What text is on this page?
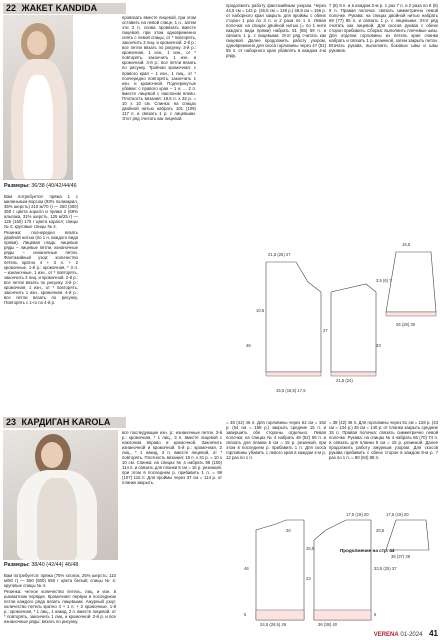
22 ЖАКЕТ KANDIDA
Размеры: 36/38 (40/42/44/46

Вам потребуется: пряжа 1 с миланьным ворсом (93% полиакрил, 35% шерсть) 210 м/70 г) — 250 (300) 350 г цвета коралл и пряжа 2 (69% альпака, 31% шерсть, 125 м/25 г) — 125 (150) 175 г цвета коралл; спицы № 4; круговые спицы № 4.

Резинка: поочередно вязать двойной нитью (по 1 н. каждого вида пряжи). Лицевая гладь: лицевые ряды – лицевые петли, изнаночные ряды – изнаночные петли. Фантазийный узор: количество петель кратно 4 + 3 п. + 2 кромочные. 1-й р.: кромочная, * 3 п. – изнаночные, 1 изн., от * повторять, закончить 3 лиц. и кромочной. 2-й р.: все петли вязать по рисунку. 3-й р.: кромочная, 1 изн., от * повторять, закончить 1 изн., кромочная. 4-й р.: все петли вязать по рисунку. Повторять с 1-го по 4-й р.

провязать вместе лицевой, при этом оставить на левой спице, 1 н., затем эти 3 п. снова провязать вместе лицевой, при этом одновременно снять с левой спицы, от * повторять, закончить 3 лиц. и кромочной. 2-й р.: все петли вязать по рисунку. 3-й р.: кромочная, 1 изн., 1 изн., от * повторять, закончить 1 изн. и кромочной. 4-й р.: все петли вязать по рисунку. Тройная кромочная: с правого края – 1 изн., 1 лиц., от * поочередно повторять, закончить 1 изн. и кромочной. Подчеркнутые убавки: с правого края – 1 н. ... 2 п. вместе лицевой с наклоном влево. Плотность вязания: 19,5 п. x 32 р. = 10 x 10 см. Спинка: на спицах двойной нитью набрать 101 (109) 117 п. и связать 1 р. с лицевыми. Этот ряд считать как лицевой.

продолжить работу фантазийным узором. Через 44,5 см = 142 р. (46,5 см = 148 р.) 48,5 см = 156 р. от наборного края закрыть для проймы с обеих сторон 1 раз по 3 п. и 2 раза по 1 п. Левая полочка: на спицах двойной нитью (= по 1 нити каждого вида пряжи) набрать 51 (55) 59 п. и связать 1 р. с лицевыми. Этот ряд считать как лицевой. Далее продолжить работу узором, одновременно для скоса горловины через 47 (51) 55 п. от наборного края убавлять в каждом 4-м ряду.

7 (8) 8 п. и в каждом 2-м р. 1 раз 7 п. и 2 раза по 8 (8) 8 п. Правая полочка: связать симметрично левой полочке. Рукава: на спицах двойной нитью набрать 69 (77) 85 п. и связать 1 р. с лицевыми. Этот ряд считать как лицевой. Для скосов рукава с обеих сторон прибавить. Сборка: выполнить плечевые швы. Для отделки горловины из петель края спинки набрать и связать 1 р. резинкой, затем закрыть петли. Втачать рукава, выполнить боковые швы и швы рукавов.

21,5 (25) 27
21,5 (24)
10,5
27
16,5
46	33
3,5 (6) 7
15,5 (16,5) 17,5
26 (28) 30
23 КАРДИГАН KAROLA
Размеры: 38/40 (42/44) 46/48

Вам потребуется: пряжа (75% хлопок, 25% шерсть; 110 м/50 г) — 550 (600) 650 г цвета белый; спицы № 4; круговые спицы № 4.

Резинка: четное количество петель, лиц. и изн. в шахматном порядке. Кромочная: первую и последнюю петли каждого ряда вязать лицевыми. Ажурный узор: количество петель кратно 4 + 1 п. + 2 кромочные. 1-й р.: кромочная, * 1 лиц., 1 накид, 2 п. вместе лицевой, от * повторять, закончить 1 лиц. и кромочной. 2-й р. и все изнаночные ряды: вязать по рисунку.

все последующие изн. р.: изнаночные петли. 3-й р.: кромочная, * 1 лиц., 3 п. вместе лицевой с наклоном вправо и кромочной. Закончить изнаночной и кромочной. 5-й р.: кромочная, 2 лиц., * 1 накид, 3 п. вместе лицевой, от * повторять. Плотность вязания: 19 п. x 31 р. = 10 x 10 см. Спинка: на спицах № 4 набрать 98 (106) 114 п. и связать для планки 5 см = 15 р. резинкой, при этом в последнем р. прибавить 1 п. = 99 (107) 115 п. Для проймы через 37 см = 114 р. от планки закрыть.

= 38 (42) 46 п. Для горловины через 62 см = 192 р. (64 см = 198 р.) закрыть средние 15 п. и завершить обе стороны отдельно. Левая полочка: на спицах № 4 набрать 48 (52) 56 п. и связать для планки 5 см = 15 р. резинкой, при этом в последнем р. прибавить 1 п. Для скоса горловины убавить с левого края в каждом 4-м р. 12 раз по 1 п.

= 38 (42) 46 п. Для горловины через 61 см = 128 р. (43 см = 134 р.) 45 см = 140 р. от планки закрыть средние 15 п. Правая полочка: связать симметрично левой полочке. Рукава: на спицах № 4 набрать 66 (70) 74 п. и связать для планки 5 см = 15 р. резинкой. Далее продолжить работу ажурным узором. Для скосов рукава прибавить с обеих сторон в каждом 8-м р. 7 раз по 1 п. = 80 (84) 88 п.

Продолжение на стр. 44
17,5 (19) 20	17,5 (19) 20
25,5
46
5
23
24,5 (26,5) 28
33,5 (25) 37
20	20,5
36 (38) 40
35 (37) 39
5
VERENA 01-2024 41
